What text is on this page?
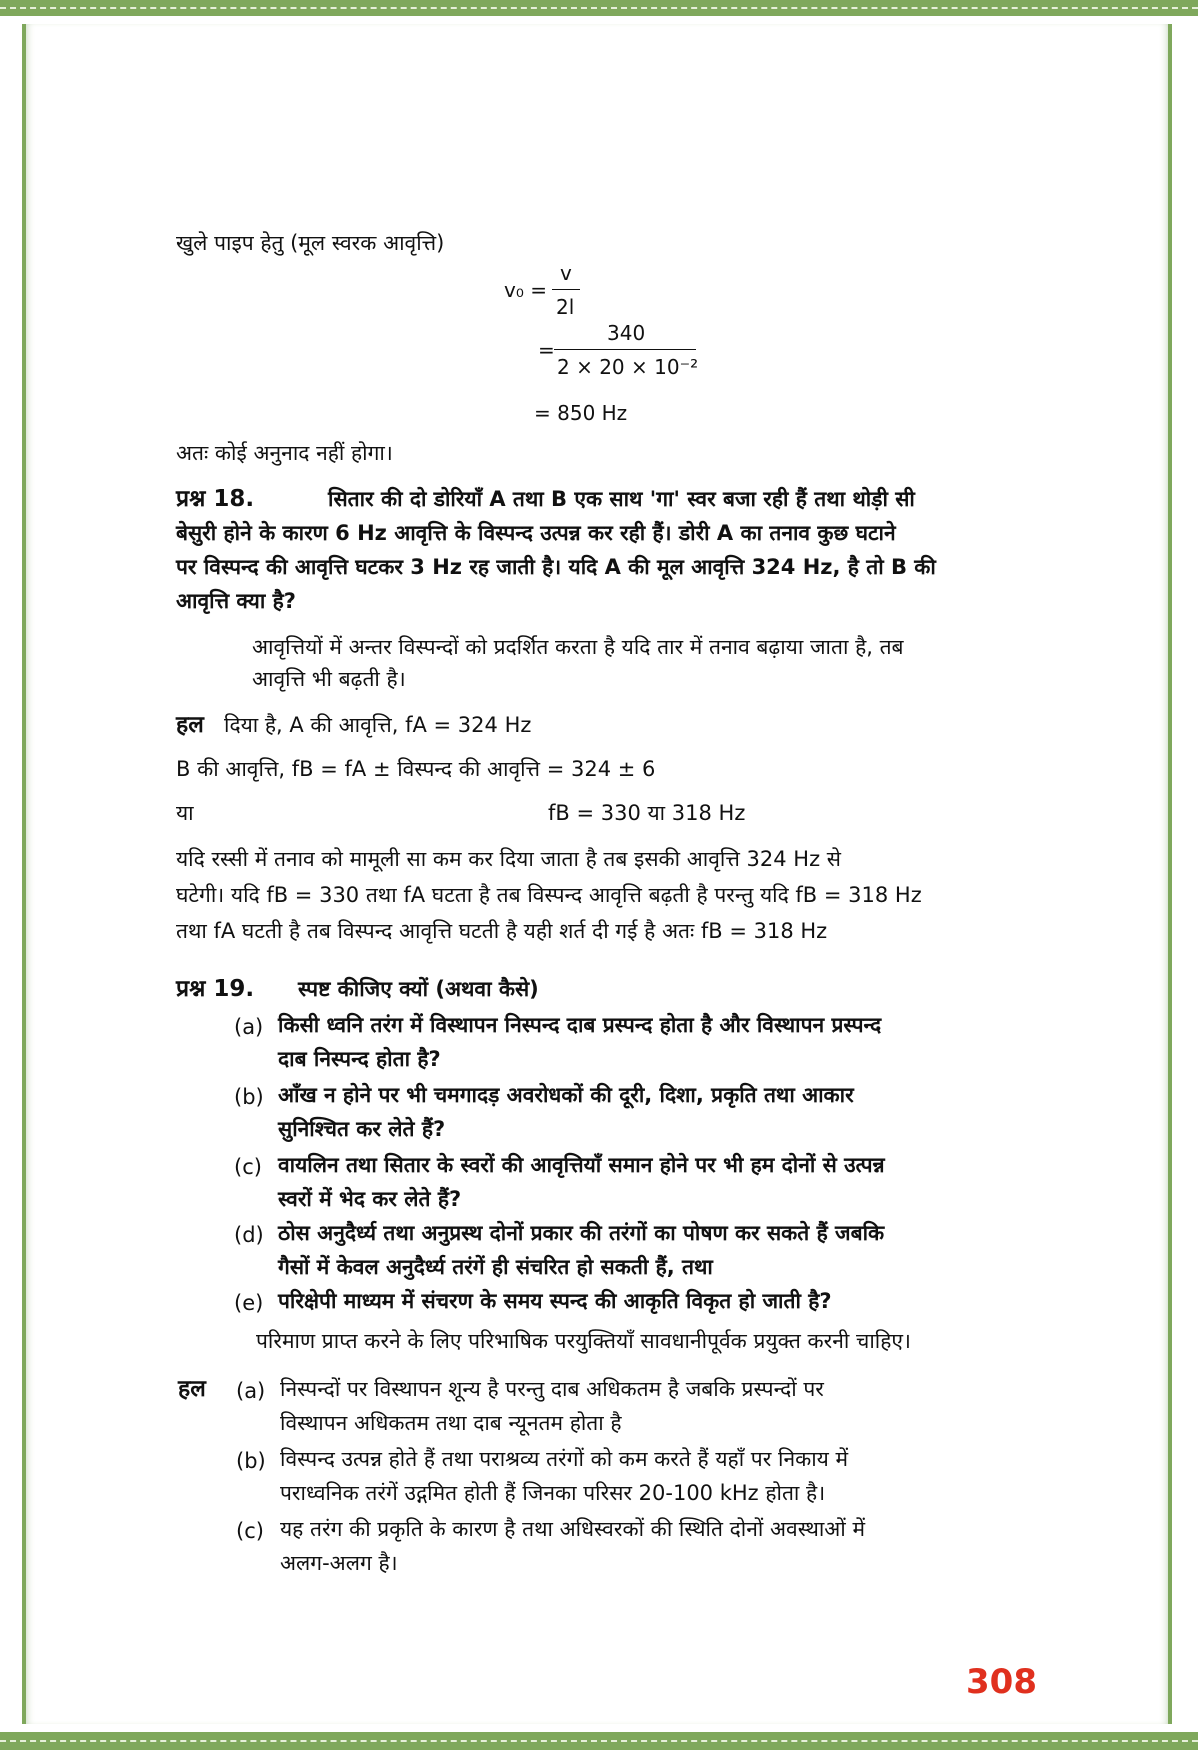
खुले पाइप हेतु (मूल स्वरक आवृत्ति)
v₀ =
v
2l
=
340
2 × 20 × 10⁻²
= 850 Hz
अतः कोई अनुनाद नहीं होगा।
प्रश्न 18.	सितार की दो डोरियाँ A तथा B एक साथ 'गा' स्वर बजा रही हैं तथा थोड़ी सी
बेसुरी होने के कारण 6 Hz आवृत्ति के विस्पन्द उत्पन्न कर रही हैं। डोरी A का तनाव कुछ घटाने
पर विस्पन्द की आवृत्ति घटकर 3 Hz रह जाती है। यदि A की मूल आवृत्ति 324 Hz, है तो B की
आवृत्ति क्या है?
आवृत्तियों में अन्तर विस्पन्दों को प्रदर्शित करता है यदि तार में तनाव बढ़ाया जाता है, तब
आवृत्ति भी बढ़ती है।
हल दिया है, A की आवृत्ति, fA = 324 Hz
B की आवृत्ति, fB = fA ± विस्पन्द की आवृत्ति = 324 ± 6
या	fB = 330 या 318 Hz
यदि रस्सी में तनाव को मामूली सा कम कर दिया जाता है तब इसकी आवृत्ति 324 Hz से
घटेगी। यदि fB = 330 तथा fA घटता है तब विस्पन्द आवृत्ति बढ़ती है परन्तु यदि fB = 318 Hz
तथा fA घटती है तब विस्पन्द आवृत्ति घटती है यही शर्त दी गई है अतः fB = 318 Hz
प्रश्न 19. स्पष्ट कीजिए क्यों (अथवा कैसे)
(a) किसी ध्वनि तरंग में विस्थापन निस्पन्द दाब प्रस्पन्द होता है और विस्थापन प्रस्पन्द
दाब निस्पन्द होता है?
(b) आँख न होने पर भी चमगादड़ अवरोधकों की दूरी, दिशा, प्रकृति तथा आकार
सुनिश्चित कर लेते हैं?
(c) वायलिन तथा सितार के स्वरों की आवृत्तियाँ समान होने पर भी हम दोनों से उत्पन्न
स्वरों में भेद कर लेते हैं?
(d) ठोस अनुदैर्ध्य तथा अनुप्रस्थ दोनों प्रकार की तरंगों का पोषण कर सकते हैं जबकि
गैसों में केवल अनुदैर्ध्य तरंगें ही संचरित हो सकती हैं, तथा
(e) परिक्षेपी माध्यम में संचरण के समय स्पन्द की आकृति विकृत हो जाती है?
परिमाण प्राप्त करने के लिए परिभाषिक परयुक्तियाँ सावधानीपूर्वक प्रयुक्त करनी चाहिए।
हल (a) निस्पन्दों पर विस्थापन शून्य है परन्तु दाब अधिकतम है जबकि प्रस्पन्दों पर
विस्थापन अधिकतम तथा दाब न्यूनतम होता है
(b) विस्पन्द उत्पन्न होते हैं तथा पराश्रव्य तरंगों को कम करते हैं यहाँ पर निकाय में
पराध्वनिक तरंगें उद्गमित होती हैं जिनका परिसर 20-100 kHz होता है।
(c) यह तरंग की प्रकृति के कारण है तथा अधिस्वरकों की स्थिति दोनों अवस्थाओं में
अलग-अलग है।
308
